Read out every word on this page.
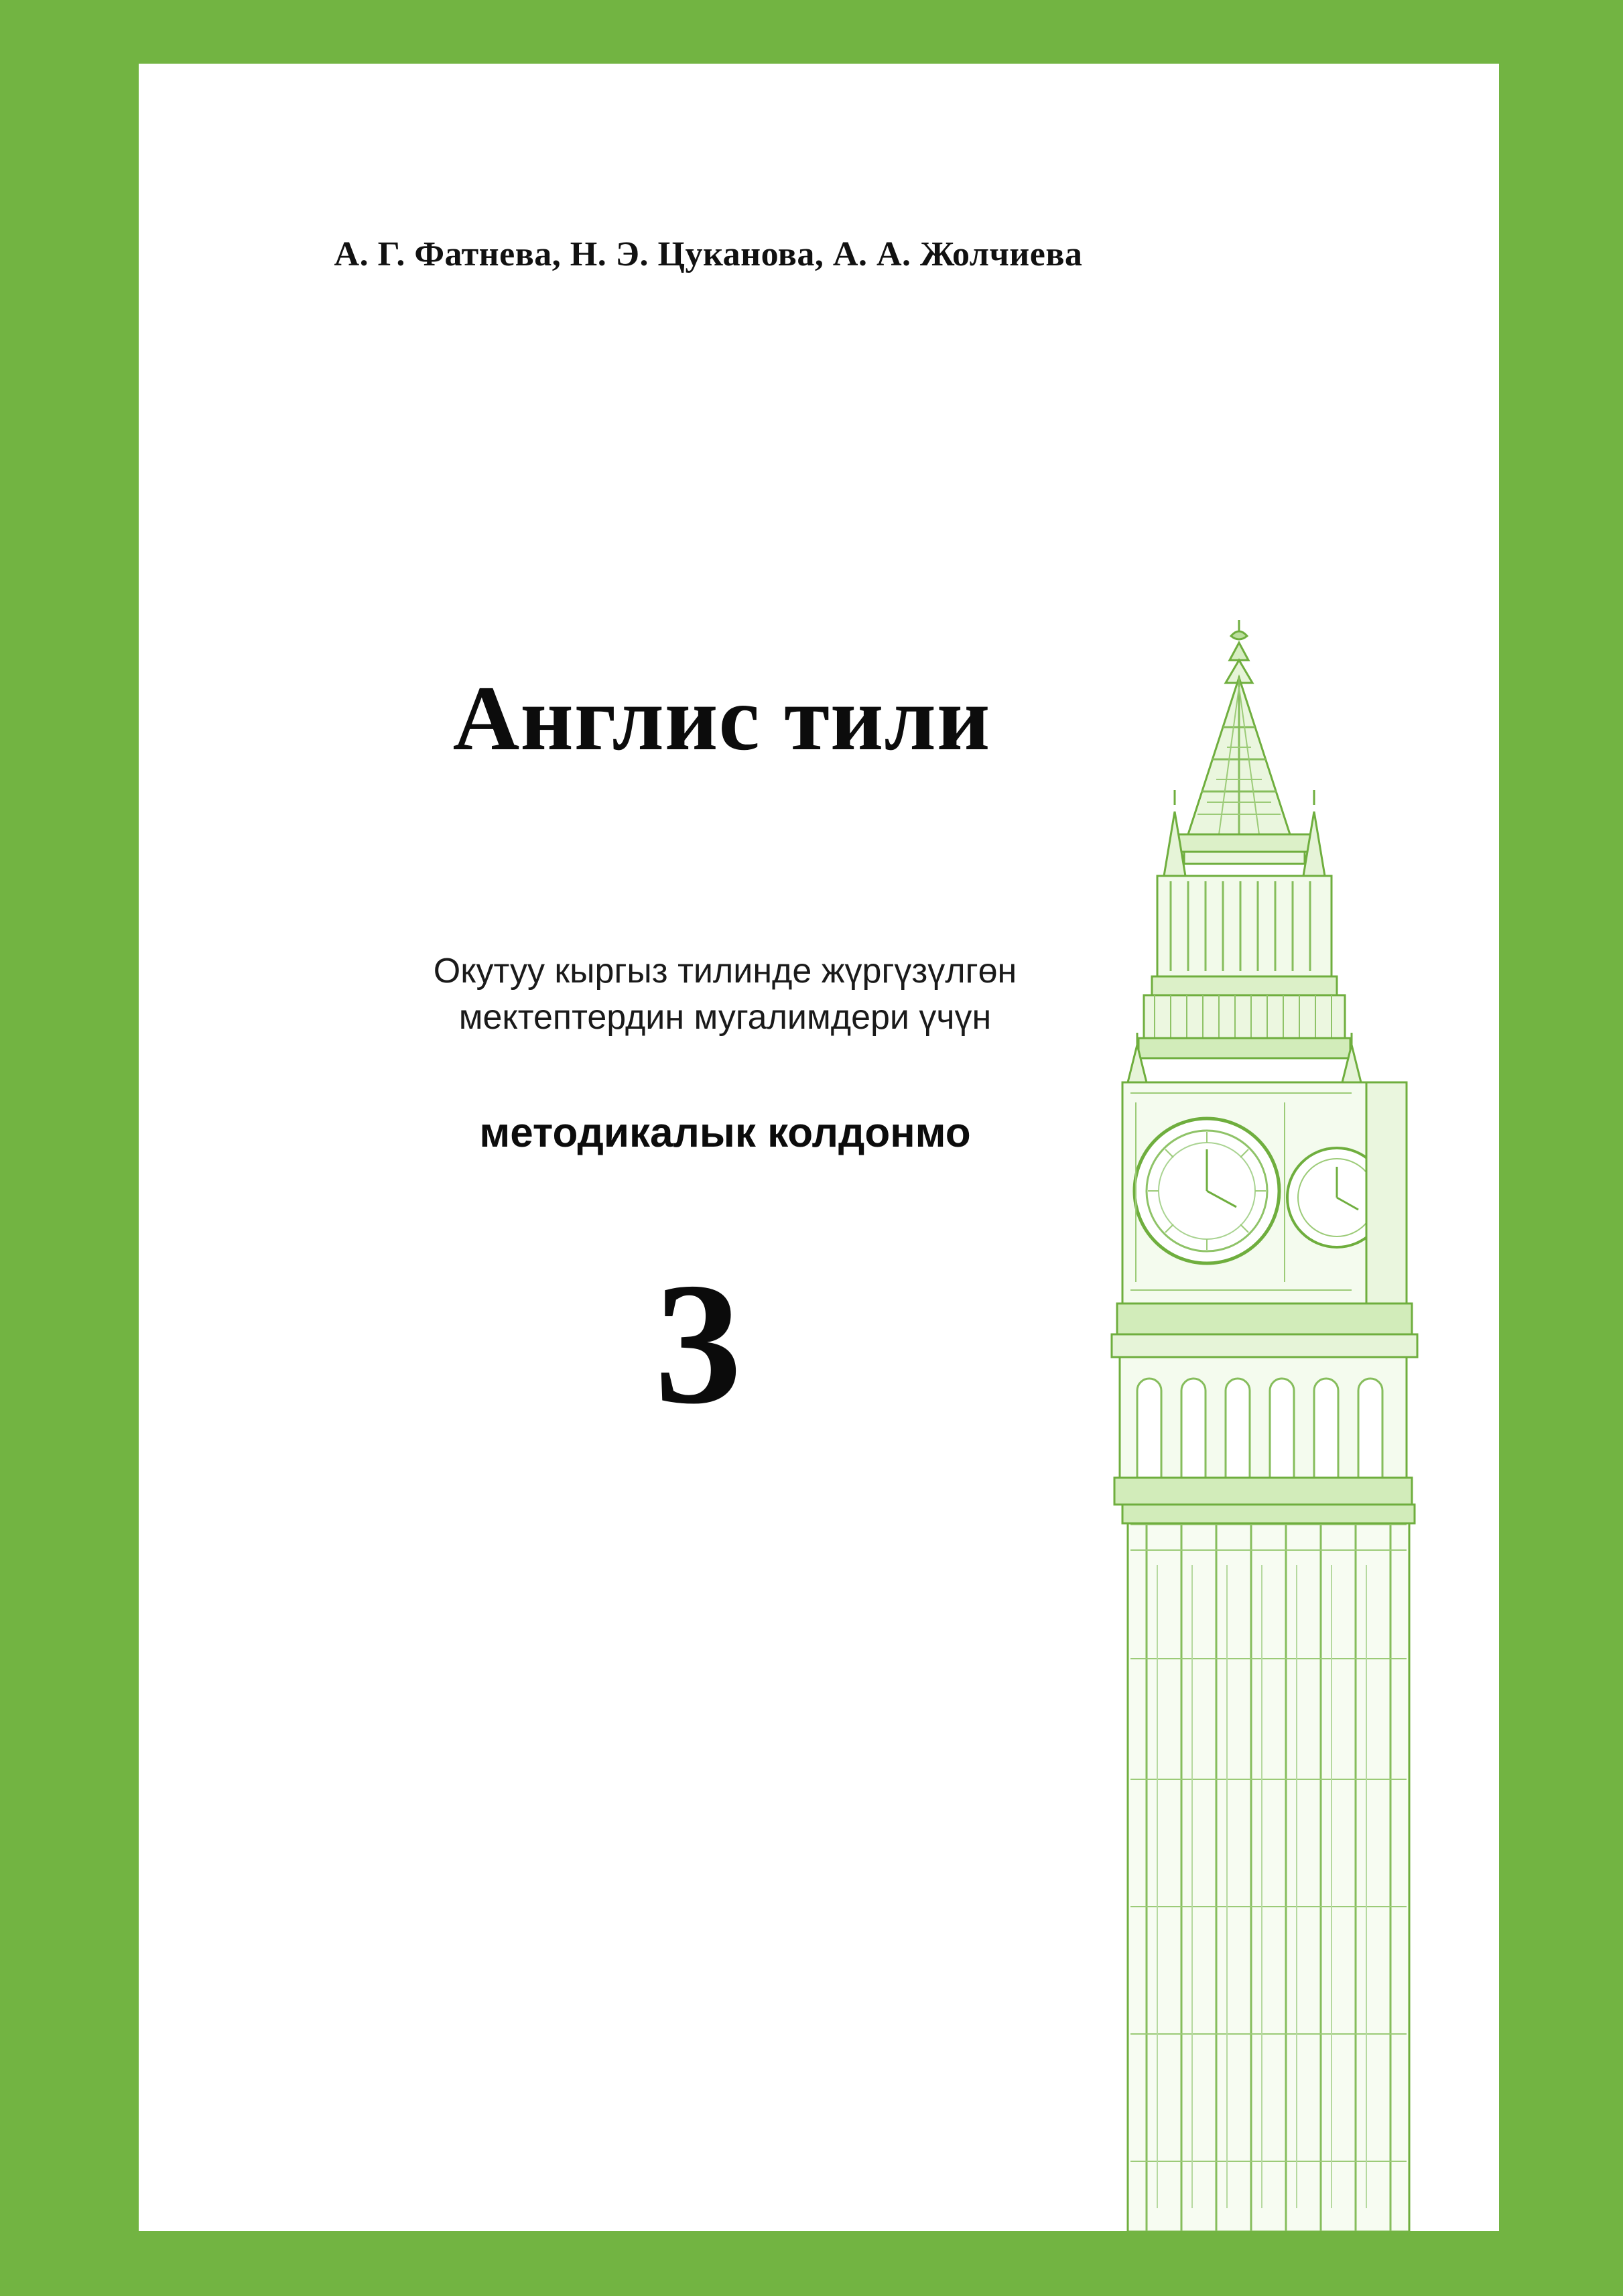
А. Г. Фатнева, Н. Э. Цуканова, А. А. Жолчиева
Англис тили
Окутуу кыргыз тилинде жүргүзүлгөн
мектептердин мугалимдери үчүн
методикалык колдонмо
3
